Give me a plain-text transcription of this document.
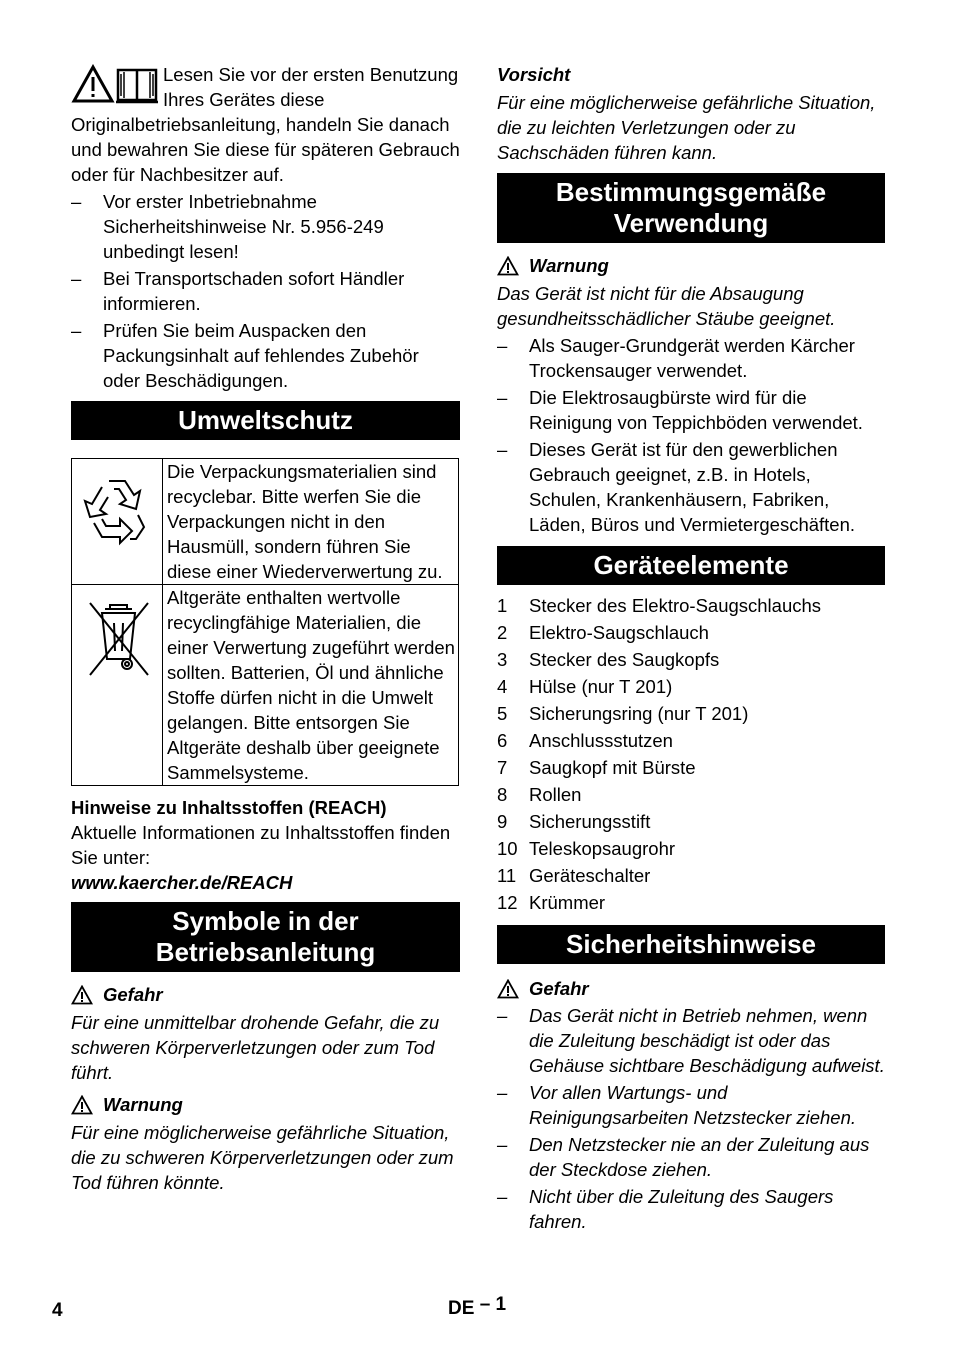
Lesen Sie vor der ersten Benutzung Ihres Gerätes diese Originalbetriebsanleitung, handeln Sie danach und bewahren Sie diese für späteren Gebrauch oder für Nachbesitzer auf.

– Vor erster Inbetriebnahme Sicherheitshinweise Nr. 5.956-249 unbedingt lesen!
– Bei Transportschaden sofort Händler informieren.
– Prüfen Sie beim Auspacken den Packungsinhalt auf fehlendes Zubehör oder Beschädigungen.
Umweltschutz
	Die Verpackungsmaterialien sind recyclebar. Bitte werfen Sie die Verpackungen nicht in den Hausmüll, sondern führen Sie diese einer Wiederverwertung zu.
	Altgeräte enthalten wertvolle recyclingfähige Materialien, die einer Verwertung zugeführt werden sollten. Batterien, Öl und ähnliche Stoffe dürfen nicht in die Umwelt gelangen. Bitte entsorgen Sie Altgeräte deshalb über geeignete Sammelsysteme.

Hinweise zu Inhaltsstoffen (REACH)

Aktuelle Informationen zu Inhaltsstoffen finden Sie unter:

www.kaercher.de/REACH

Symbole in der Betriebsanleitung
Gefahr

Für eine unmittelbar drohende Gefahr, die zu schweren Körperverletzungen oder zum Tod führt.

Warnung

Für eine möglicherweise gefährliche Situation, die zu schweren Körperverletzungen oder zum Tod führen könnte.

Vorsicht

Für eine möglicherweise gefährliche Situation, die zu leichten Verletzungen oder zu Sachschäden führen kann.

Bestimmungsgemäße Verwendung
Warnung

Das Gerät ist nicht für die Absaugung gesundheitsschädlicher Stäube geeignet.

– Als Sauger-Grundgerät werden Kärcher Trockensauger verwendet.
– Die Elektrosaugbürste wird für die Reinigung von Teppichböden verwendet.
– Dieses Gerät ist für den gewerblichen Gebrauch geeignet, z.B. in Hotels, Schulen, Krankenhäusern, Fabriken, Läden, Büros und Vermietergeschäften.
Geräteelemente
1	Stecker des Elektro-Saugschlauchs
2	Elektro-Saugschlauch
3	Stecker des Saugkopfs
4	Hülse (nur T 201)
5	Sicherungsring (nur T 201)
6	Anschlussstutzen
7	Saugkopf mit Bürste
8	Rollen
9	Sicherungsstift
10 Teleskopsaugrohr
11 Geräteschalter
12 Krümmer
Sicherheitshinweise
Gefahr
– Das Gerät nicht in Betrieb nehmen, wenn die Zuleitung beschädigt ist oder das Gehäuse sichtbare Beschädigung aufweist.
– Vor allen Wartungs- und Reinigungsarbeiten Netzstecker ziehen.
– Den Netzstecker nie an der Zuleitung aus der Steckdose ziehen.
– Nicht über die Zuleitung des Saugers fahren.
4	DE – 1
